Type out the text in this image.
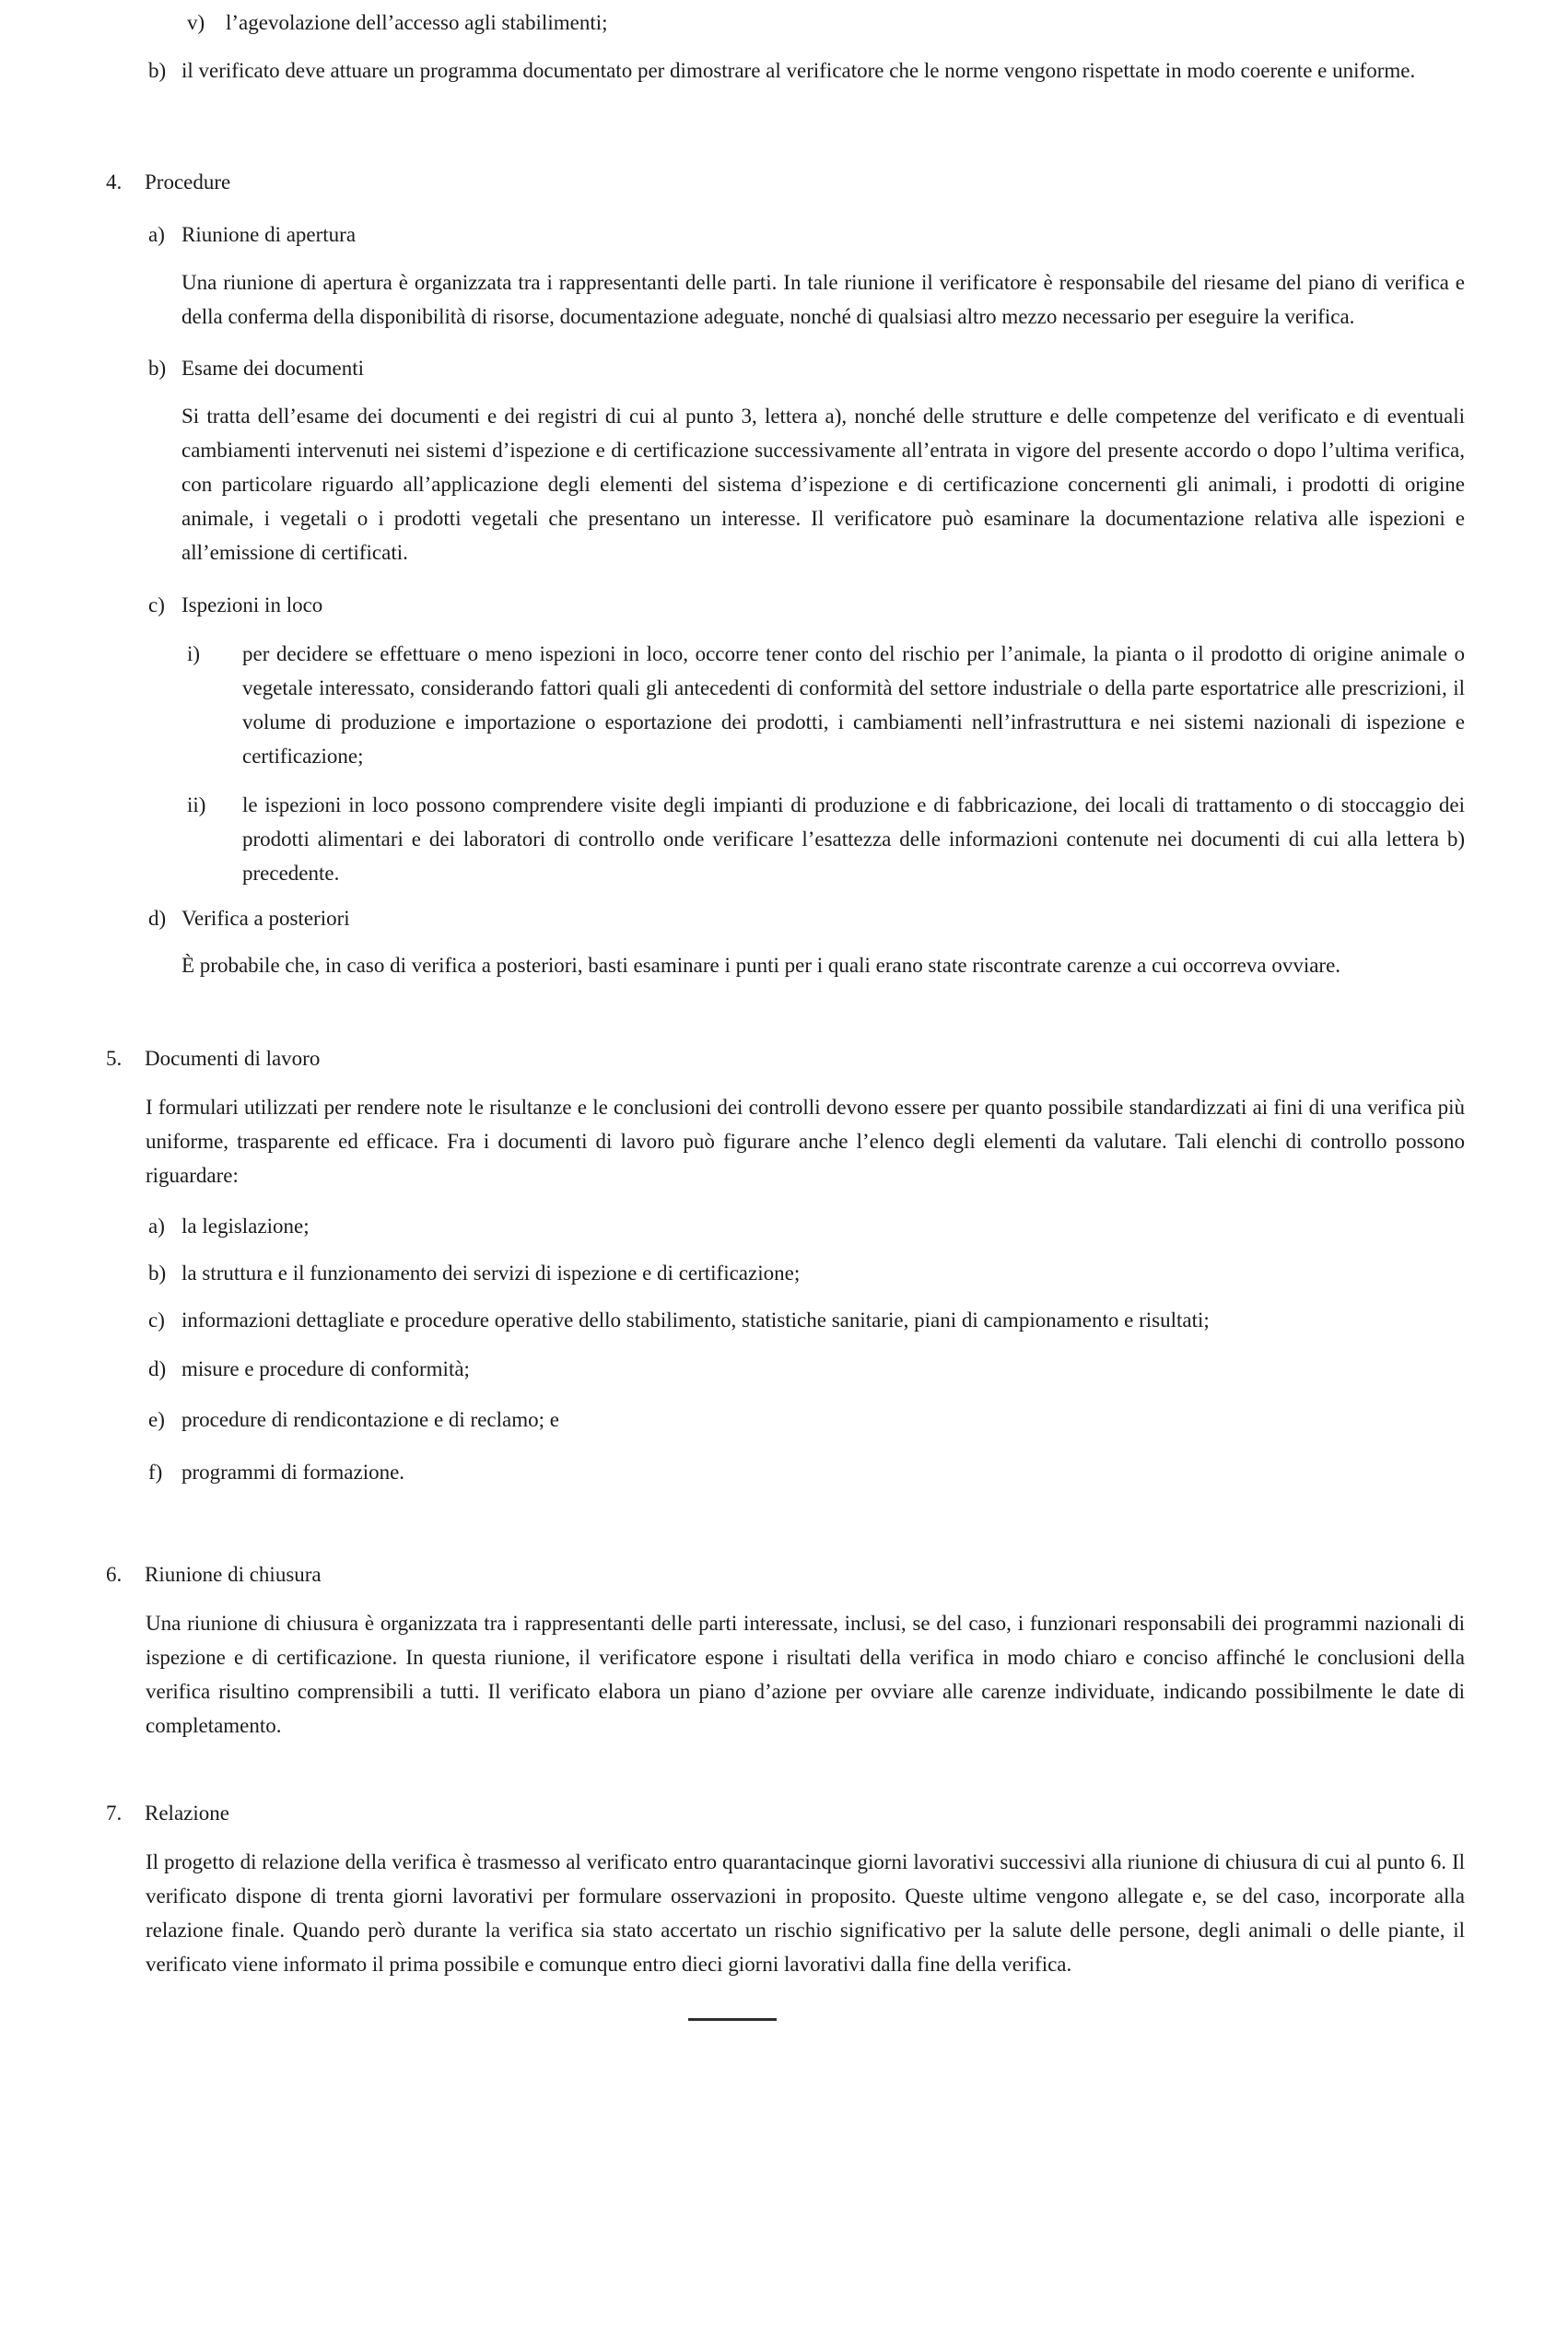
v) l’agevolazione dell’accesso agli stabilimenti;
b) il verificato deve attuare un programma documentato per dimostrare al verificatore che le norme vengono rispettate in modo coerente e uniforme.
4.	Procedure
a) Riunione di apertura
Una riunione di apertura è organizzata tra i rappresentanti delle parti. In tale riunione il verificatore è responsabile del riesame del piano di verifica e della conferma della disponibilità di risorse, documentazione adeguate, nonché di qualsiasi altro mezzo necessario per eseguire la verifica.
b) Esame dei documenti
Si tratta dell’esame dei documenti e dei registri di cui al punto 3, lettera a), nonché delle strutture e delle competenze del verificato e di eventuali cambiamenti intervenuti nei sistemi d’ispezione e di certificazione successivamente all’entrata in vigore del presente accordo o dopo l’ultima verifica, con particolare riguardo all’applicazione degli elementi del sistema d’ispezione e di certificazione concernenti gli animali, i prodotti di origine animale, i vegetali o i prodotti vegetali che presentano un interesse. Il verificatore può esaminare la documentazione relativa alle ispezioni e all’emissione di certificati.
c) Ispezioni in loco
i)	per decidere se effettuare o meno ispezioni in loco, occorre tener conto del rischio per l’animale, la pianta o il prodotto di origine animale o vegetale interessato, considerando fattori quali gli antecedenti di conformità del settore industriale o della parte esportatrice alle prescrizioni, il volume di produzione e importazione o esportazione dei prodotti, i cambiamenti nell’infrastruttura e nei sistemi nazionali di ispezione e certificazione;
ii)	le ispezioni in loco possono comprendere visite degli impianti di produzione e di fabbricazione, dei locali di trattamento o di stoccaggio dei prodotti alimentari e dei laboratori di controllo onde verificare l’esattezza delle informazioni contenute nei documenti di cui alla lettera b) precedente.
d) Verifica a posteriori
È probabile che, in caso di verifica a posteriori, basti esaminare i punti per i quali erano state riscontrate carenze a cui occorreva ovviare.
5.	Documenti di lavoro
I formulari utilizzati per rendere note le risultanze e le conclusioni dei controlli devono essere per quanto possibile standardizzati ai fini di una verifica più uniforme, trasparente ed efficace. Fra i documenti di lavoro può figurare anche l’elenco degli elementi da valutare. Tali elenchi di controllo possono riguardare:
a) la legislazione;
b) la struttura e il funzionamento dei servizi di ispezione e di certificazione;
c) informazioni dettagliate e procedure operative dello stabilimento, statistiche sanitarie, piani di campionamento e risultati;
d) misure e procedure di conformità;
e) procedure di rendicontazione e di reclamo; e
f) programmi di formazione.
6.	Riunione di chiusura
Una riunione di chiusura è organizzata tra i rappresentanti delle parti interessate, inclusi, se del caso, i funzionari responsabili dei programmi nazionali di ispezione e di certificazione. In questa riunione, il verificatore espone i risultati della verifica in modo chiaro e conciso affinché le conclusioni della verifica risultino comprensibili a tutti. Il verificato elabora un piano d’azione per ovviare alle carenze individuate, indicando possibilmente le date di completamento.
7.	Relazione
Il progetto di relazione della verifica è trasmesso al verificato entro quarantacinque giorni lavorativi successivi alla riunione di chiusura di cui al punto 6. Il verificato dispone di trenta giorni lavorativi per formulare osservazioni in proposito. Queste ultime vengono allegate e, se del caso, incorporate alla relazione finale. Quando però durante la verifica sia stato accertato un rischio significativo per la salute delle persone, degli animali o delle piante, il verificato viene informato il prima possibile e comunque entro dieci giorni lavorativi dalla fine della verifica.
